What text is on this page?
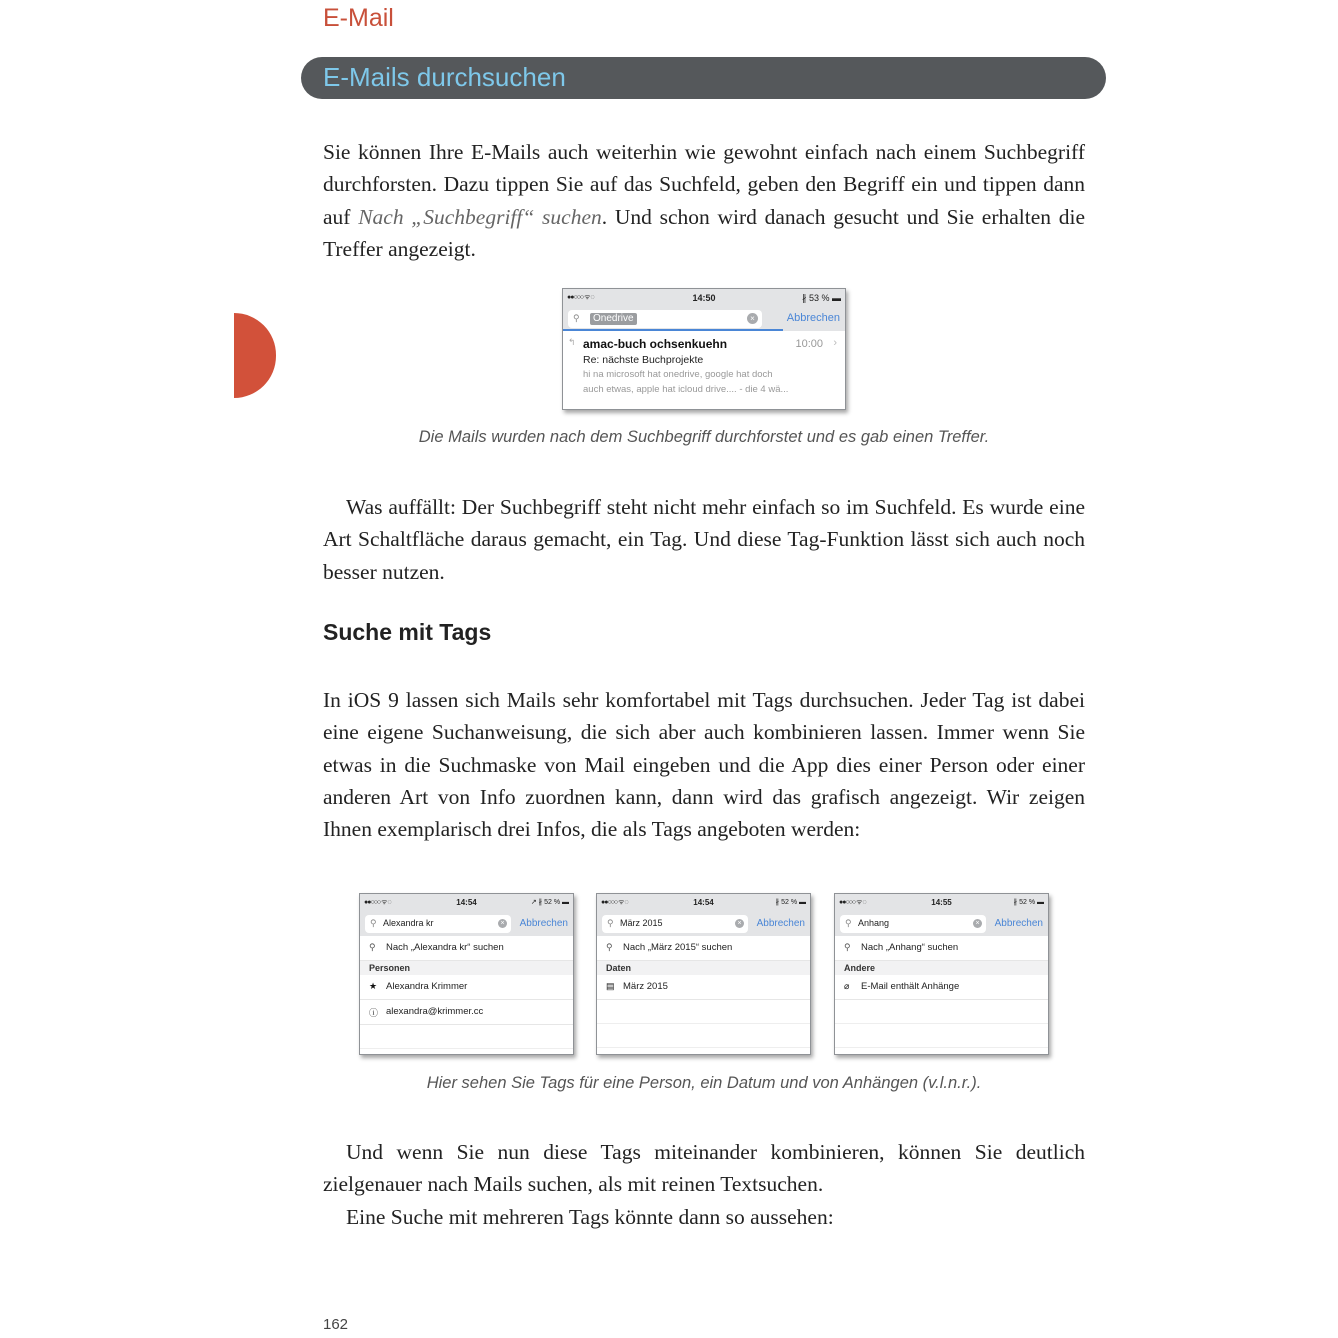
E-Mail
E-Mails durchsuchen

Sie können Ihre E-Mails auch weiterhin wie gewohnt einfach nach einem Suchbegriff durchforsten. Dazu tippen Sie auf das Suchfeld, geben den Begriff ein und tippen dann auf Nach „Suchbegriff“ suchen. Und schon wird danach gesucht und Sie erhalten die Treffer angezeigt.

●●○○○ ᯤ ◌	14:50	∦ 53 % ▬
⚲	Onedrive	×	Abbrechen
↰ amac-buch ochsenkuehn	10:00 ›
Re: nächste Buchprojekte
hi na microsoft hat onedrive, google hat doch
auch etwas, apple hat icloud drive.... - die 4 wä...
Die Mails wurden nach dem Suchbegriff durchforstet und es gab einen Treffer.

Was auffällt: Der Suchbegriff steht nicht mehr einfach so im Suchfeld. Es wurde eine Art Schaltfläche daraus gemacht, ein Tag. Und diese Tag-Funktion lässt sich auch noch besser nutzen.

Suche mit Tags

In iOS 9 lassen sich Mails sehr komfortabel mit Tags durchsuchen. Jeder Tag ist dabei eine eigene Suchanweisung, die sich aber auch kombinieren lassen. Immer wenn Sie etwas in die Suchmaske von Mail eingeben und die App dies einer Person oder einer anderen Art von Info zuordnen kann, dann wird das grafisch angezeigt. Wir zeigen Ihnen exemplarisch drei Infos, die als Tags angeboten werden:

●●○○○ ᯤ ◌	14:54	↗ ∦ 52 % ▬
⚲ Alexandra kr	× Abbrechen
⚲ Nach „Alexandra kr“ suchen
Personen
★ Alexandra Krimmer
ⓘ alexandra@krimmer.cc
●●○○○ ᯤ ◌	14:54	∦ 52 % ▬
⚲ März 2015	× Abbrechen
⚲ Nach „März 2015“ suchen
Daten
▤ März 2015
●●○○○ ᯤ ◌	14:55	∦ 52 % ▬
⚲ Anhang	× Abbrechen
⚲ Nach „Anhang“ suchen
Andere
⌀ E-Mail enthält Anhänge
Hier sehen Sie Tags für eine Person, ein Datum und von Anhängen (v.l.n.r.).

Und wenn Sie nun diese Tags miteinander kombinieren, können Sie deutlich zielgenauer nach Mails suchen, als mit reinen Textsuchen.

Eine Suche mit mehreren Tags könnte dann so aussehen:

162
